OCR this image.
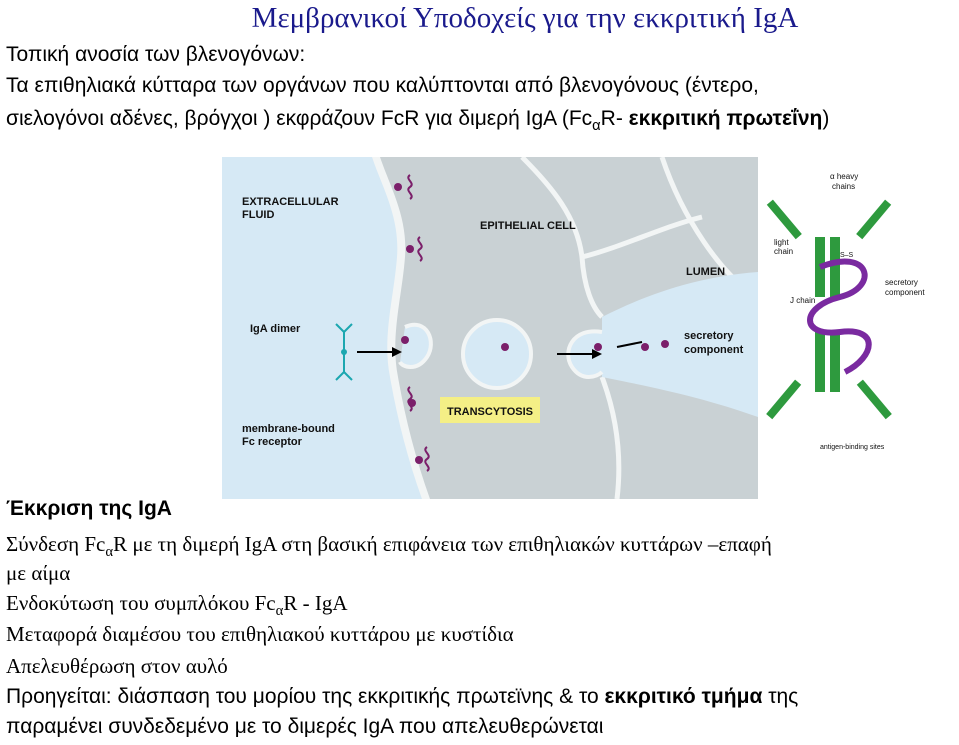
Μεμβρανικοί Υποδοχείς για την εκκριτική IgA
Τοπική ανοσία των βλενογόνων:
Τα επιθηλιακά κύτταρα των οργάνων που καλύπτονται από βλενογόνους (έντερο,
σιελογόνοι αδένες, βρόγχοι ) εκφράζουν FcR για διμερή IgA ($Fc_\alpha R-$ εκκριτική πρωτεΐνη)
TRANSCYTOSIS
EXTRACELLULAR
FLUID
EPITHELIAL CELL
LUMEN
IgA dimer
secretory
component
membrane-bound
Fc receptor
α heavy
chains
light
chain
J chain
secretory
component
antigen-binding sites
S–S
Έκκριση της IgA
Σύνδεση $Fc_\alpha R$ με τη διμερή IgA στη βασική επιφάνεια των επιθηλιακών κυττάρων –επαφή
με αίμα
Ενδοκύτωση του συμπλόκου $Fc_\alpha R$ - IgA
Μεταφορά διαμέσου του επιθηλιακού κυττάρου με κυστίδια
Απελευθέρωση στον αυλό
Προηγείται: διάσπαση του μορίου της εκκριτικής πρωτεϊνης & το εκκριτικό τμήμα της
παραμένει συνδεδεμένο με το διμερές IgA που απελευθερώνεται
